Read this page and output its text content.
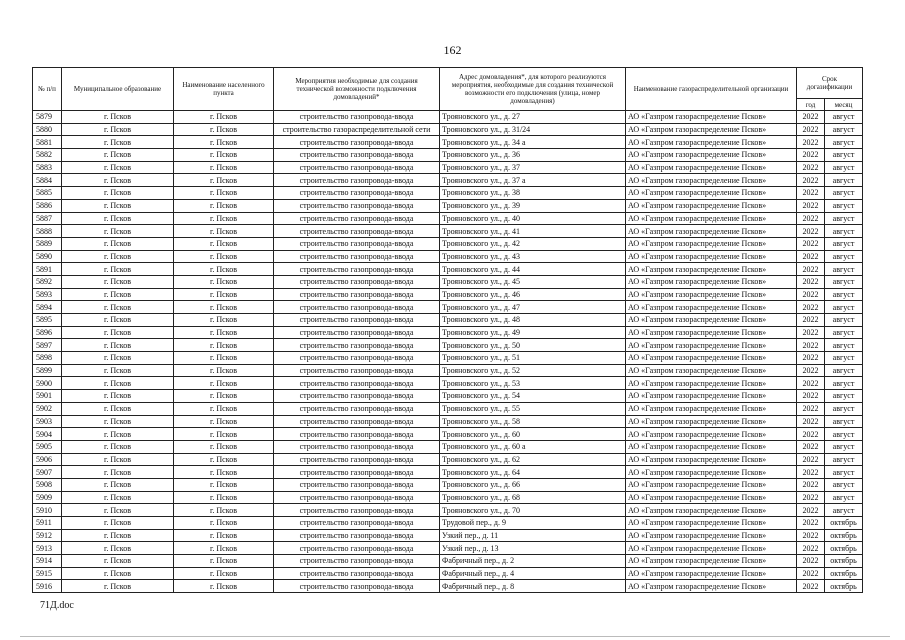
162
№ п/п	Муниципальное образование	Наименование населенного пункта	Мероприятия необходимые для создания технической возможности подключения домовладений*	Адрес домовладения*, для которого реализуются мероприятия, необходимые для создания технической возможности его подключения (улица, номер домовладения)	Наименование газораспределительной организации	Срок догазификации	
						год	месяц
5879	г. Псков	г. Псков	строительство газопровода-ввода	Трояновского ул., д. 27	АО «Газпром газораспределение Псков»	2022	август
5880	г. Псков	г. Псков	строительство газораспределительной сети	Трояновского ул., д. 31/24	АО «Газпром газораспределение Псков»	2022	август
5881	г. Псков	г. Псков	строительство газопровода-ввода	Трояновского ул., д. 34 а	АО «Газпром газораспределение Псков»	2022	август
5882	г. Псков	г. Псков	строительство газопровода-ввода	Трояновского ул., д. 36	АО «Газпром газораспределение Псков»	2022	август
5883	г. Псков	г. Псков	строительство газопровода-ввода	Трояновского ул., д. 37	АО «Газпром газораспределение Псков»	2022	август
5884	г. Псков	г. Псков	строительство газопровода-ввода	Трояновского ул., д. 37 а	АО «Газпром газораспределение Псков»	2022	август
5885	г. Псков	г. Псков	строительство газопровода-ввода	Трояновского ул., д. 38	АО «Газпром газораспределение Псков»	2022	август
5886	г. Псков	г. Псков	строительство газопровода-ввода	Трояновского ул., д. 39	АО «Газпром газораспределение Псков»	2022	август
5887	г. Псков	г. Псков	строительство газопровода-ввода	Трояновского ул., д. 40	АО «Газпром газораспределение Псков»	2022	август
5888	г. Псков	г. Псков	строительство газопровода-ввода	Трояновского ул., д. 41	АО «Газпром газораспределение Псков»	2022	август
5889	г. Псков	г. Псков	строительство газопровода-ввода	Трояновского ул., д. 42	АО «Газпром газораспределение Псков»	2022	август
5890	г. Псков	г. Псков	строительство газопровода-ввода	Трояновского ул., д. 43	АО «Газпром газораспределение Псков»	2022	август
5891	г. Псков	г. Псков	строительство газопровода-ввода	Трояновского ул., д. 44	АО «Газпром газораспределение Псков»	2022	август
5892	г. Псков	г. Псков	строительство газопровода-ввода	Трояновского ул., д. 45	АО «Газпром газораспределение Псков»	2022	август
5893	г. Псков	г. Псков	строительство газопровода-ввода	Трояновского ул., д. 46	АО «Газпром газораспределение Псков»	2022	август
5894	г. Псков	г. Псков	строительство газопровода-ввода	Трояновского ул., д. 47	АО «Газпром газораспределение Псков»	2022	август
5895	г. Псков	г. Псков	строительство газопровода-ввода	Трояновского ул., д. 48	АО «Газпром газораспределение Псков»	2022	август
5896	г. Псков	г. Псков	строительство газопровода-ввода	Трояновского ул., д. 49	АО «Газпром газораспределение Псков»	2022	август
5897	г. Псков	г. Псков	строительство газопровода-ввода	Трояновского ул., д. 50	АО «Газпром газораспределение Псков»	2022	август
5898	г. Псков	г. Псков	строительство газопровода-ввода	Трояновского ул., д. 51	АО «Газпром газораспределение Псков»	2022	август
5899	г. Псков	г. Псков	строительство газопровода-ввода	Трояновского ул., д. 52	АО «Газпром газораспределение Псков»	2022	август
5900	г. Псков	г. Псков	строительство газопровода-ввода	Трояновского ул., д. 53	АО «Газпром газораспределение Псков»	2022	август
5901	г. Псков	г. Псков	строительство газопровода-ввода	Трояновского ул., д. 54	АО «Газпром газораспределение Псков»	2022	август
5902	г. Псков	г. Псков	строительство газопровода-ввода	Трояновского ул., д. 55	АО «Газпром газораспределение Псков»	2022	август
5903	г. Псков	г. Псков	строительство газопровода-ввода	Трояновского ул., д. 58	АО «Газпром газораспределение Псков»	2022	август
5904	г. Псков	г. Псков	строительство газопровода-ввода	Трояновского ул., д. 60	АО «Газпром газораспределение Псков»	2022	август
5905	г. Псков	г. Псков	строительство газопровода-ввода	Трояновского ул., д. 60 а	АО «Газпром газораспределение Псков»	2022	август
5906	г. Псков	г. Псков	строительство газопровода-ввода	Трояновского ул., д. 62	АО «Газпром газораспределение Псков»	2022	август
5907	г. Псков	г. Псков	строительство газопровода-ввода	Трояновского ул., д. 64	АО «Газпром газораспределение Псков»	2022	август
5908	г. Псков	г. Псков	строительство газопровода-ввода	Трояновского ул., д. 66	АО «Газпром газораспределение Псков»	2022	август
5909	г. Псков	г. Псков	строительство газопровода-ввода	Трояновского ул., д. 68	АО «Газпром газораспределение Псков»	2022	август
5910	г. Псков	г. Псков	строительство газопровода-ввода	Трояновского ул., д. 70	АО «Газпром газораспределение Псков»	2022	август
5911	г. Псков	г. Псков	строительство газопровода-ввода	Трудовой пер., д. 9	АО «Газпром газораспределение Псков»	2022	октябрь
5912	г. Псков	г. Псков	строительство газопровода-ввода	Узкий пер., д. 11	АО «Газпром газораспределение Псков»	2022	октябрь
5913	г. Псков	г. Псков	строительство газопровода-ввода	Узкий пер., д. 13	АО «Газпром газораспределение Псков»	2022	октябрь
5914	г. Псков	г. Псков	строительство газопровода-ввода	Фабричный пер., д. 2	АО «Газпром газораспределение Псков»	2022	октябрь
5915	г. Псков	г. Псков	строительство газопровода-ввода	Фабричный пер., д. 4	АО «Газпром газораспределение Псков»	2022	октябрь
5916	г. Псков	г. Псков	строительство газопровода-ввода	Фабричный пер., д. 8	АО «Газпром газораспределение Псков»	2022	октябрь
71Д.doc
